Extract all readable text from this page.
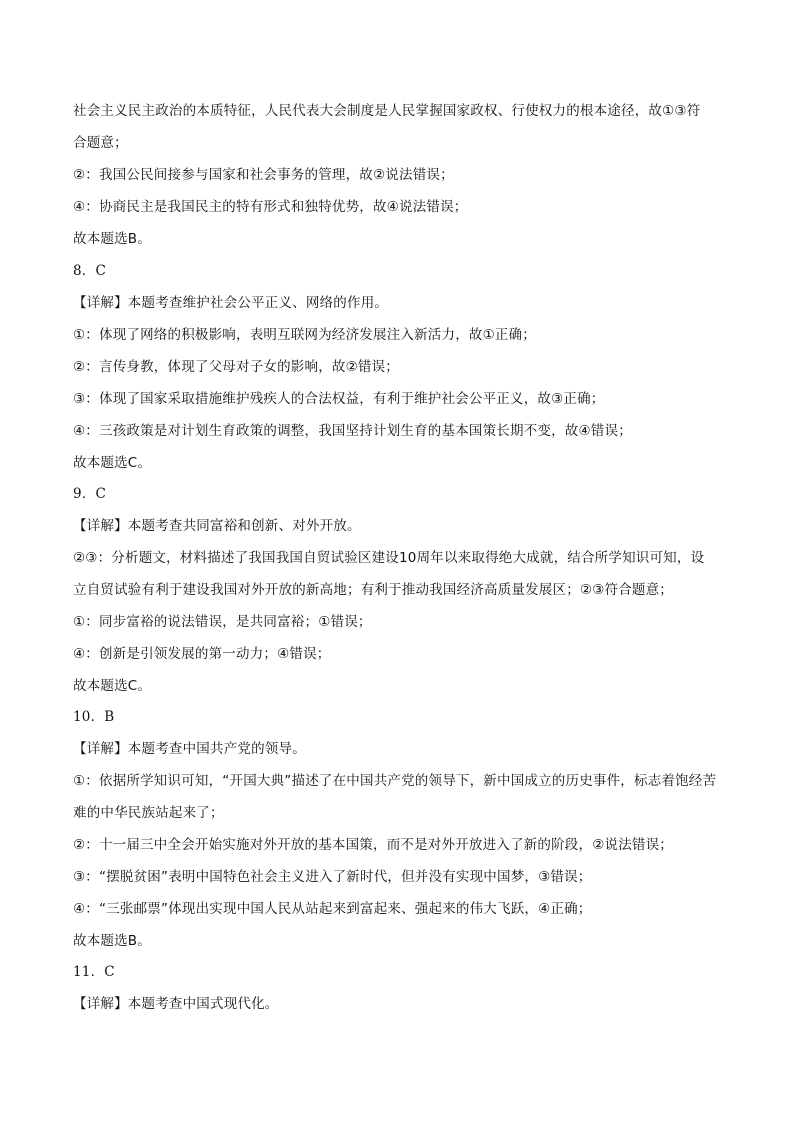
社会主义民主政治的本质特征，人民代表大会制度是人民掌握国家政权、行使权力的根本途径，故①③符
合题意；
②：我国公民间接参与国家和社会事务的管理，故②说法错误；
④：协商民主是我国民主的特有形式和独特优势，故④说法错误；
故本题选B。
8．C
【详解】本题考查维护社会公平正义、网络的作用。
①：体现了网络的积极影响，表明互联网为经济发展注入新活力，故①正确；
②：言传身教，体现了父母对子女的影响，故②错误；
③：体现了国家采取措施维护残疾人的合法权益，有利于维护社会公平正义，故③正确；
④：三孩政策是对计划生育政策的调整，我国坚持计划生育的基本国策长期不变，故④错误；
故本题选C。
9．C
【详解】本题考查共同富裕和创新、对外开放。
②③：分析题文，材料描述了我国我国自贸试验区建设10周年以来取得绝大成就，结合所学知识可知，设
立自贸试验有利于建设我国对外开放的新高地；有利于推动我国经济高质量发展区；②③符合题意；
①：同步富裕的说法错误，是共同富裕；①错误；
④：创新是引领发展的第一动力；④错误；
故本题选C。
10．B
【详解】本题考查中国共产党的领导。
①：依据所学知识可知，“开国大典”描述了在中国共产党的领导下，新中国成立的历史事件，标志着饱经苦
难的中华民族站起来了；
②：十一届三中全会开始实施对外开放的基本国策，而不是对外开放进入了新的阶段，②说法错误；
③：“摆脱贫困”表明中国特色社会主义进入了新时代，但并没有实现中国梦，③错误；
④：“三张邮票”体现出实现中国人民从站起来到富起来、强起来的伟大飞跃，④正确；
故本题选B。
11．C
【详解】本题考查中国式现代化。
